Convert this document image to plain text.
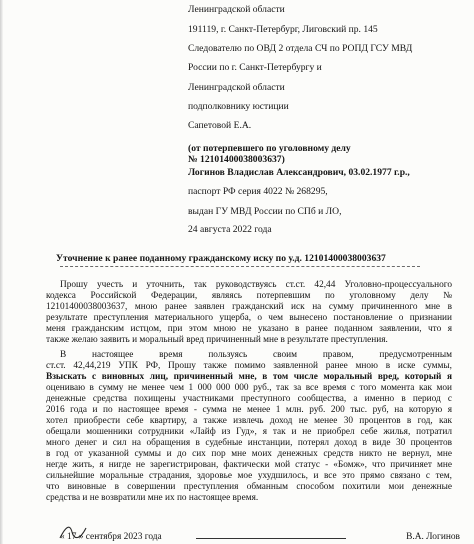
Ленинградской области
191119, г. Санкт-Петербург, Лиговский пр. 145
Следователю по ОВД 2 отдела СЧ по РОПД ГСУ МВД
России по г. Санкт-Петербургу и
Ленинградской области
подполковнику юстиции
Сапетовой Е.А.
(от потерпевшего по уголовному делу
№ 12101400038003637)
Логинов Владислав Александрович, 03.02.1977 г.р.,
паспорт РФ серия 4022 № 268295,
выдан ГУ МВД России по СПб и ЛО,
24 августа 2022 года
Уточнение к ранее поданному гражданскому иску по у.д. 12101400038003637
Прошу учесть и уточнить, так руководствуясь ст.ст. 42,44 Уголовно-процессуального
кодекса Российской Федерации, являясь потерпевшим по уголовному делу №
12101400038003637, мною ранее заявлен гражданский иск на сумму причиненного мне в
результате преступления материального ущерба, о чем вынесено постановление о признании
меня гражданским истцом, при этом мною не указано в ранее поданном заявлении, что я
также желаю заявить и моральный вред причиненный мне в результате преступления.
В настоящее время пользуясь своим правом, предусмотренным
ст.ст. 42,44,219 УПК РФ, Прошу также помимо заявленной ранее мною в иске суммы,
Взыскать с виновных лиц, причиненный мне, в том числе моральный вред, который я
оцениваю в сумму не менее чем 1 000 000 000 руб., так за все время с того момента как мои
денежные средства похищены участниками преступного сообщества, а именно в период с
2016 года и по настоящее время - сумма не менее 1 млн. руб. 200 тыс. руб, на которую я
хотел приобрести себе квартиру, а также извлечь доход не менее 30 процентов в год, как
обещали мошенники сотрудники «Лайф из Гуд», я так и не приобрел себе жилья, потратил
много денег и сил на обращения в судебные инстанции, потерял доход в виде 30 процентов
в год от указанной суммы и до сих пор мне моих денежных средств никто не вернул, мне
негде жить, я нигде не зарегистрирован, фактически мой статус - «Бомж», что причиняет мне
сильнейшие моральные страдания, здоровье мое ухудшилось, и все это прямо связано с тем,
что виновные в совершении преступления обманным способом похитили мои денежные
средства и не возвратили мне их по настоящее время.
« 17 » сентября 2023 года	В.А. Логинов
